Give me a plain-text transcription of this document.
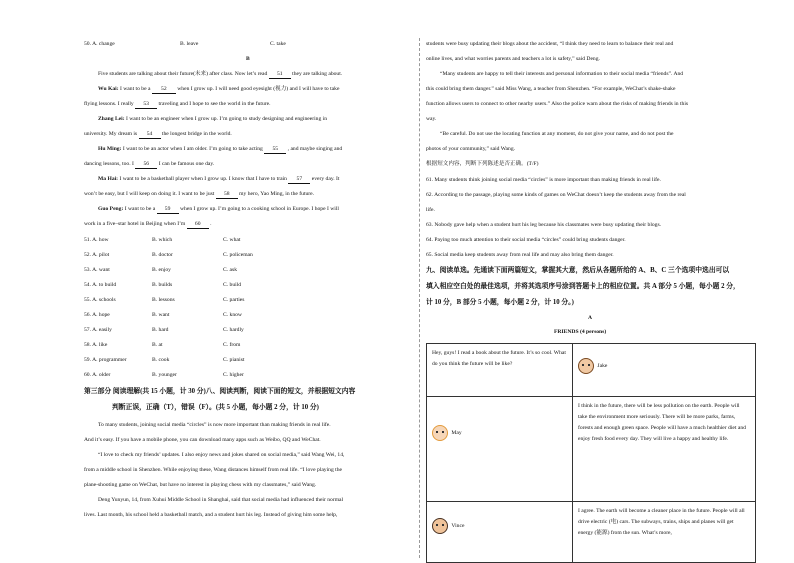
50. A. change	B. leave	C. take
B
Five students are talking about their future(未来) after class. Now let’s read 51 they are talking about.
Wu Kai: I want to be a 52 when I grow up. I will need good eyesight (视力) and I will have to take
flying lessons. I really 53 traveling and I hope to see the world in the future.
Zhang Lei: I want to be an engineer when I grow up. I’m going to study designing and engineering in
university. My dream is 54 the longest bridge in the world.
Hu Ming: I want to be an actor when I am older. I’m going to take acting 55 , and maybe singing and
dancing lessons, too. I 56 I can be famous one day.
Ma Hai: I want to be a basketball player when I grow up. I know that I have to train 57 every day. It
won’t be easy, but I will keep on doing it. I want to be just 58 my hero, Yao Ming, in the future.
Guo Peng: I want to be a 59 when I grow up. I’m going to a cooking school in Europe. I hope I will
work in a five–star hotel in Beijing when I’m 60 .
51. A. how	B. which	C. what
52. A. pilot	B. doctor	C. policeman
53. A. want	B. enjoy	C. ask
54. A. to build	B. builds	C. build
55. A. schools	B. lessons	C. parties
56. A. hope	B. want	C. know
57. A. easily	B. hard	C. hardly
58. A. like	B. at	C. from
59. A. programmer	B. cook	C. pianist
60. A. older	B. younger	C. higher
第三部分 阅读理解(共 15 小题，计 30 分)八、阅读判断，阅读下面的短文，并根据短文内容
判断正误，正确（T），错误（F）。(共 5 小题，每小题 2 分，计 10 分)
To many students, joining social media “circles” is now more important than making friends in real life.
And it’s easy. If you have a mobile phone, you can download many apps such as Weibo, QQ and WeChat.
“I love to check my friends’ updates. I also enjoy news and jokes shared on social media,” said Wang Wei, 14,
from a middle school in Shenzhen. While enjoying these, Wang distances himself from real life. “I love playing the
plane-shooting game on WeChat, but have no interest in playing chess with my classmates,” said Wang.
Deng Yunyun, 14, from Xuhui Middle School in Shanghai, said that social media had influenced their normal
lives. Last month, his school held a basketball match, and a student hurt his leg. Instead of giving him some help,
students were busy updating their blogs about the accident, “I think they need to learn to balance their real and
online lives, and what worries parents and teachers a lot is safety,” said Deng.
“Many students are happy to tell their interests and personal information to their social media “friends”. And
this could bring them danger.” said Miss Wang, a teacher from Shenzhen. “For example, WeChat’s shake-shake
function allows users to connect to other nearby users.” Also the police warn about the risks of making friends in this
way.
“Be careful. Do not use the locating function at any moment, do not give your name, and do not post the
photos of your community,” said Wang.
根据短文内容，判断下列陈述是否正确。(T/F)
61. Many students think joining social media “circles” is more important than making friends in real life.
62. According to the passage, playing some kinds of games on WeChat doesn’t keep the students away from the real
life.
63. Nobody gave help when a student hurt his leg because his classmates were busy updating their blogs.
64. Paying too much attention to their social media “circles” could bring students danger.
65. Social media keep students away from real life and may also bring them danger.
九、阅读单选。先通读下面两篇短文，掌握其大意，然后从各题所给的 A、B、C 三个选项中选出可以
填入相应空白处的最佳选项，并将其选项序号涂到答题卡上的相应位置。共 A 部分 5 小题，每小题 2 分，
计 10 分，B 部分 5 小题，每小题 2 分，计 10 分。)
A
FRIENDS (4 persons)
Hey, guys! I read a book about the future. It’s so cool. What do you think the future will be like?	Jake
May	I think in the future, there will be less pollution on the earth. People will take the environment more seriously. There will be more parks, farms, forests and enough green space. People will have a much healthier diet and enjoy fresh food every day. They will live a happy and healthy life.
Vince	I agree. The earth will become a cleaner place in the future. People will all drive electric (电) cars. The subways, trains, ships and planes will get energy (能源) from the sun. What’s more,
